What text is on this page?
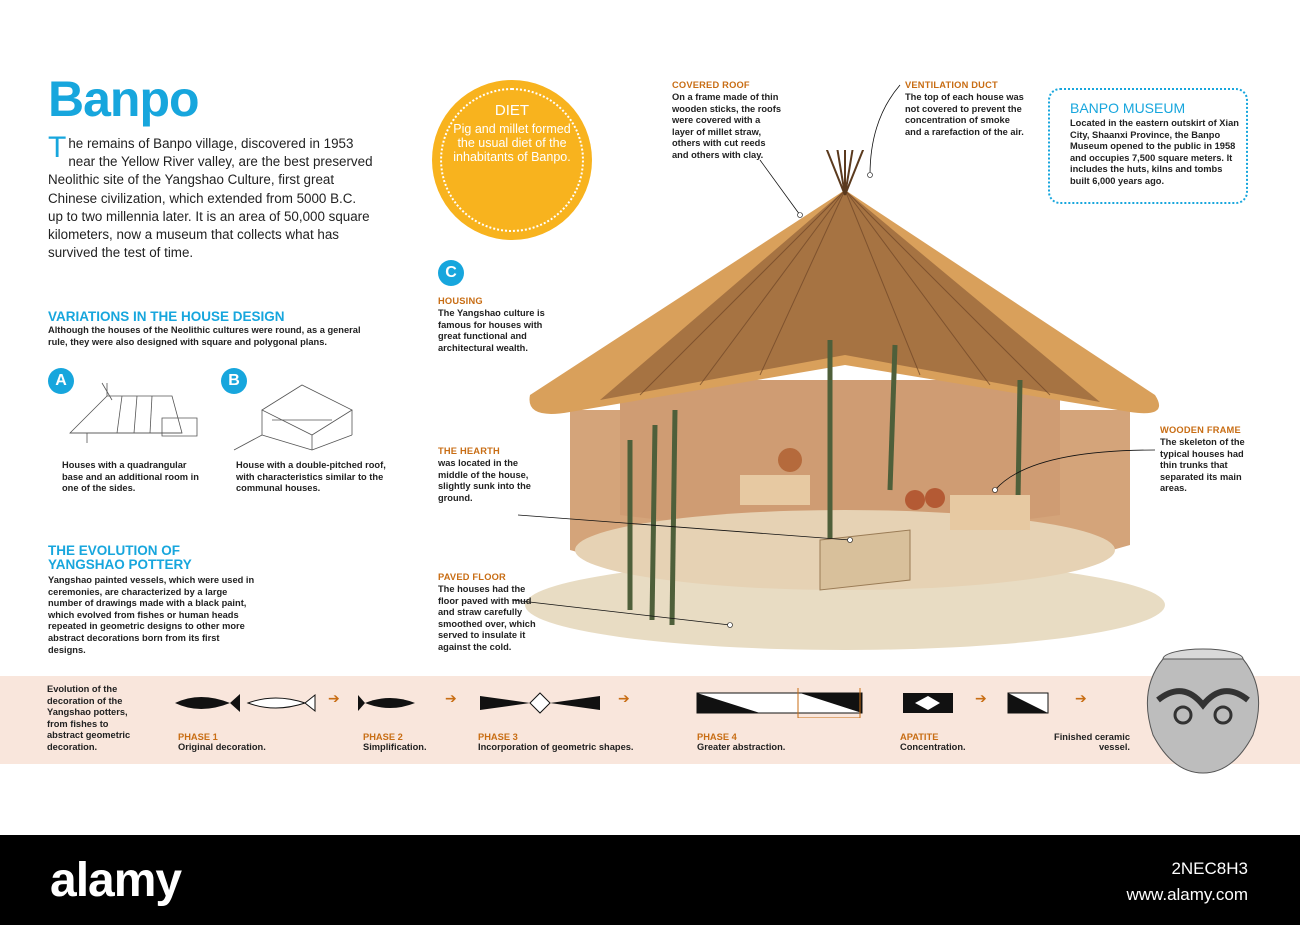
Banpo
The remains of Banpo village, discovered in 1953 near the Yellow River valley, are the best preserved Neolithic site of the Yangshao Culture, first great Chinese civilization, which extended from 5000 B.C. up to two millennia later. It is an area of 50,000 square kilometers, now a museum that collects what has survived the test of time.
VARIATIONS IN THE HOUSE DESIGN
Although the houses of the Neolithic cultures were round, as a general rule, they were also designed with square and polygonal plans.
A
Houses with a quadrangular base and an additional room in one of the sides.
B
House with a double-pitched roof, with characteristics similar to the communal houses.
THE EVOLUTION OF YANGSHAO POTTERY
Yangshao painted vessels, which were used in ceremonies, are characterized by a large number of drawings made with a black paint, which evolved from fishes or human heads repeated in geometric designs to other more abstract decorations born from its first designs.
DIET
Pig and millet formed the usual diet of the inhabitants of Banpo.
C
HOUSING
The Yangshao culture is famous for houses with great functional and architectural wealth.
COVERED ROOF
On a frame made of thin wooden sticks, the roofs were covered with a layer of millet straw, others with cut reeds and others with clay.
VENTILATION DUCT
The top of each house was not covered to prevent the concentration of smoke and a rarefaction of the air.
BANPO MUSEUM
Located in the eastern outskirt of Xian City, Shaanxi Province, the Banpo Museum opened to the public in 1958 and occupies 7,500 square meters. It includes the huts, kilns and tombs built 6,000 years ago.
THE HEARTH
was located in the middle of the house, slightly sunk into the ground.
PAVED FLOOR
The houses had the floor paved with mud and straw carefully smoothed over, which served to insulate it against the cold.
WOODEN FRAME
The skeleton of the typical houses had thin trunks that separated its main areas.
Evolution of the decoration of the Yangshao potters, from fishes to abstract geometric decoration.
➔	➔	➔	➔	➔
PHASE 1
Original decoration.
PHASE 2
Simplification.
PHASE 3
Incorporation of geometric shapes.
PHASE 4
Greater abstraction.
APATITE
Concentration.
Finished ceramic vessel.
alamy	2NEC8H3
www.alamy.com
